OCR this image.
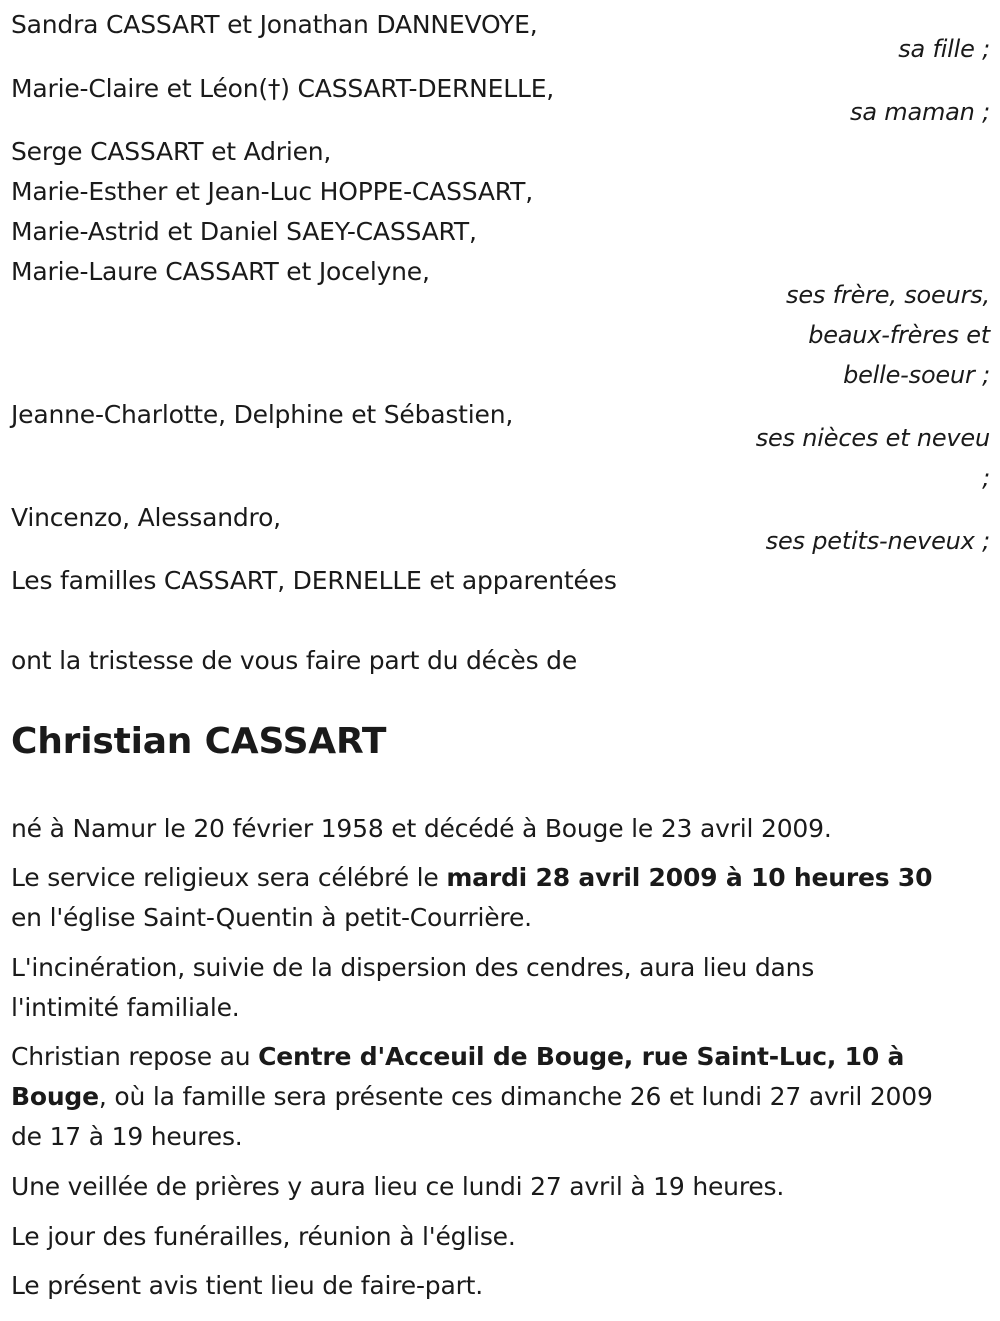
Sandra CASSART et Jonathan DANNEVOYE,
sa fille ;
Marie-Claire et Léon(†) CASSART-DERNELLE,
sa maman ;
Serge CASSART et Adrien,
Marie-Esther et Jean-Luc HOPPE-CASSART,
Marie-Astrid et Daniel SAEY-CASSART,
Marie-Laure CASSART et Jocelyne,
ses frère, soeurs,
beaux-frères et
belle-soeur ;
Jeanne-Charlotte, Delphine et Sébastien,
ses nièces et neveu
;
Vincenzo, Alessandro,
ses petits-neveux ;
Les familles CASSART, DERNELLE et apparentées
ont la tristesse de vous faire part du décès de
Christian CASSART
né à Namur le 20 février 1958 et décédé à Bouge le 23 avril 2009.
Le service religieux sera célébré le mardi 28 avril 2009 à 10 heures 30
en l'église Saint-Quentin à petit-Courrière.
L'incinération, suivie de la dispersion des cendres, aura lieu dans
l'intimité familiale.
Christian repose au Centre d'Acceuil de Bouge, rue Saint-Luc, 10 à
Bouge, où la famille sera présente ces dimanche 26 et lundi 27 avril 2009
de 17 à 19 heures.
Une veillée de prières y aura lieu ce lundi 27 avril à 19 heures.
Le jour des funérailles, réunion à l'église.
Le présent avis tient lieu de faire-part.
